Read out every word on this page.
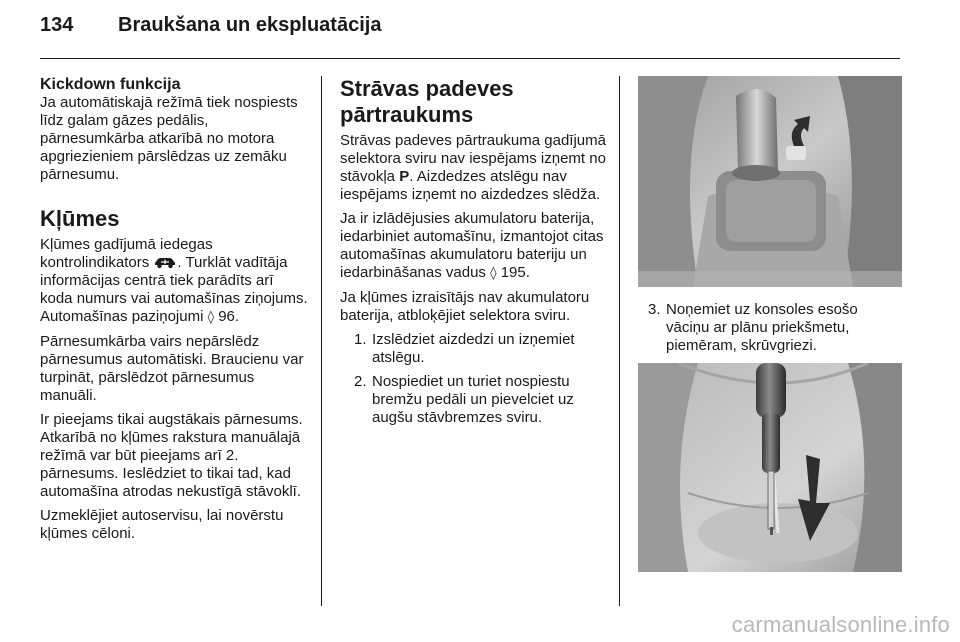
134 Braukšana un ekspluatācija
Kickdown funkcija

Ja automātiskajā režīmā tiek nospiests līdz galam gāzes pedālis, pārnesumkārba atkarībā no motora apgriezieniem pārslēdzas uz zemāku pārnesumu.

Kļūmes

Kļūmes gadījumā iedegas kontrolindikators . Turklāt vadītāja informācijas centrā tiek parādīts arī koda numurs vai automašīnas ziņojums. Automašīnas paziņojumi ◊ 96.

Pārnesumkārba vairs nepārslēdz pārnesumus automātiski. Braucienu var turpināt, pārslēdzot pārnesumus manuāli.

Ir pieejams tikai augstākais pārnesums. Atkarībā no kļūmes rakstura manuālajā režīmā var būt pieejams arī 2. pārnesums. Ieslēdziet to tikai tad, kad automašīna atrodas nekustīgā stāvoklī.

Uzmeklējiet autoservisu, lai novērstu kļūmes cēloni.

Strāvas padeves pārtraukums

Strāvas padeves pārtraukuma gadījumā selektora sviru nav iespējams izņemt no stāvokļa P. Aizdedzes atslēgu nav iespējams izņemt no aizdedzes slēdža.

Ja ir izlādējusies akumulatoru baterija, iedarbiniet automašīnu, izmantojot citas automašīnas akumulatoru bateriju un iedarbināšanas vadus ◊ 195.

Ja kļūmes izraisītājs nav akumulatoru baterija, atbloķējiet selektora sviru.

1. Izslēdziet aizdedzi un izņemiet atslēgu.
2. Nospiediet un turiet nospiestu bremžu pedāli un pievelciet uz augšu stāvbremzes sviru.
3. Noņemiet uz konsoles esošo vāciņu ar plānu priekšmetu, piemēram, skrūvgriezi.
carmanualsonline.info
